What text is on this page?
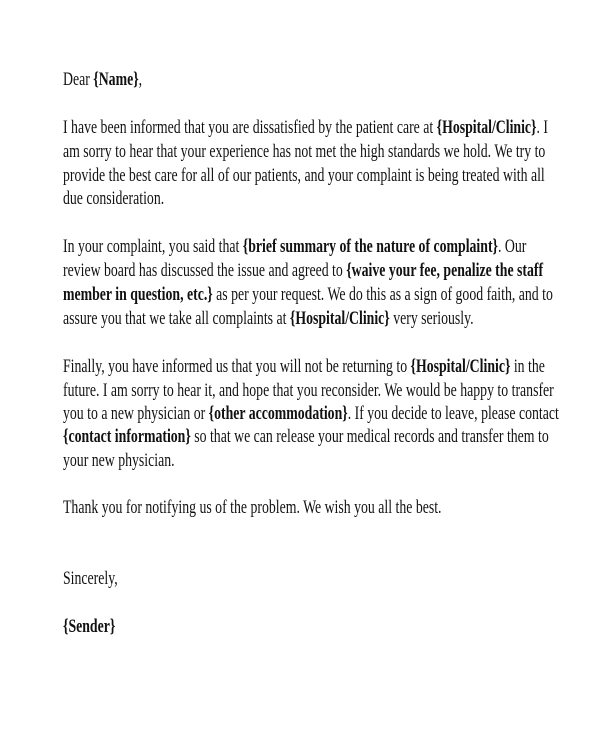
Dear {Name},
I have been informed that you are dissatisfied by the patient care at {Hospital/Clinic}. I
am sorry to hear that your experience has not met the high standards we hold. We try to
provide the best care for all of our patients, and your complaint is being treated with all
due consideration.
In your complaint, you said that {brief summary of the nature of complaint}. Our
review board has discussed the issue and agreed to {waive your fee, penalize the staff
member in question, etc.} as per your request. We do this as a sign of good faith, and to
assure you that we take all complaints at {Hospital/Clinic} very seriously.
Finally, you have informed us that you will not be returning to {Hospital/Clinic} in the
future. I am sorry to hear it, and hope that you reconsider. We would be happy to transfer
you to a new physician or {other accommodation}. If you decide to leave, please contact
{contact information} so that we can release your medical records and transfer them to
your new physician.
Thank you for notifying us of the problem. We wish you all the best.
Sincerely,
{Sender}
